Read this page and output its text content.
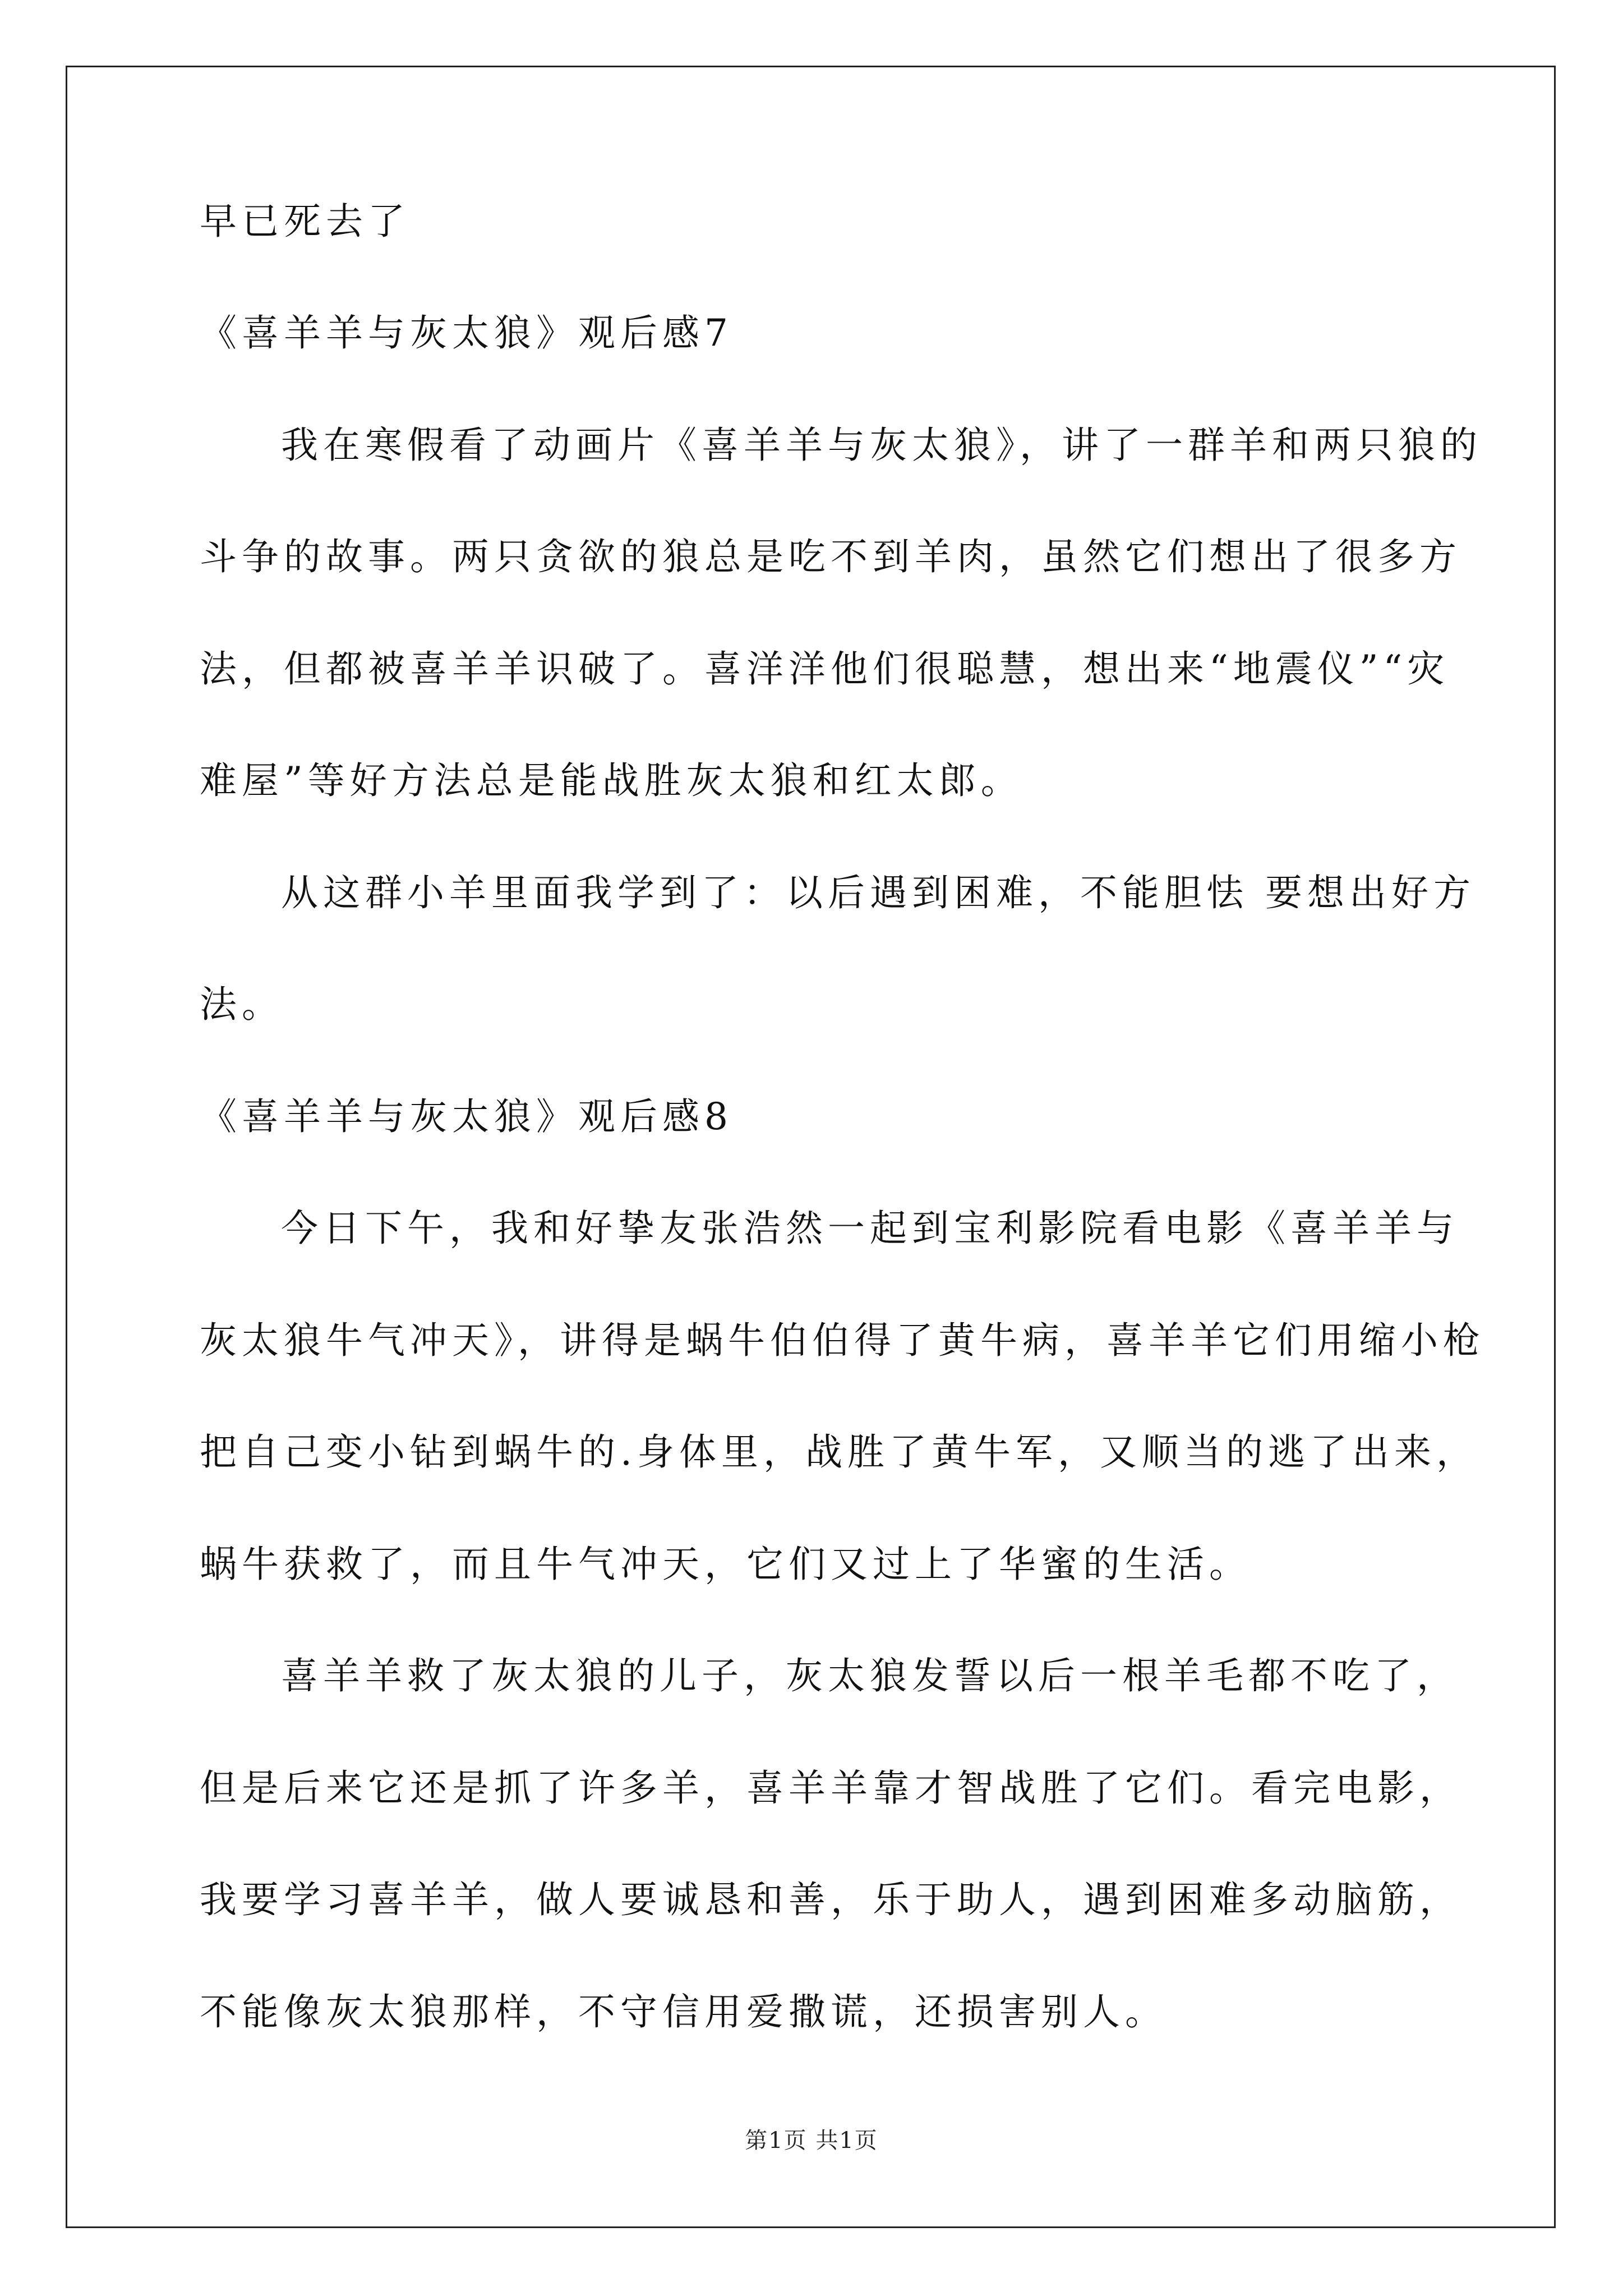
早已死去了
《喜羊羊与灰太狼》观后感7
我在寒假看了动画片《喜羊羊与灰太狼》，讲了一群羊和两只狼的
斗争的故事。两只贪欲的狼总是吃不到羊肉，虽然它们想出了很多方
法，但都被喜羊羊识破了。喜洋洋他们很聪慧，想出来“地震仪”“灾
难屋”等好方法总是能战胜灰太狼和红太郎。
从这群小羊里面我学到了：以后遇到困难，不能胆怯 要想出好方
法。
《喜羊羊与灰太狼》观后感8
今日下午，我和好挚友张浩然一起到宝利影院看电影《喜羊羊与
灰太狼牛气冲天》，讲得是蜗牛伯伯得了黄牛病，喜羊羊它们用缩小枪
把自己变小钻到蜗牛的.身体里，战胜了黄牛军，又顺当的逃了出来，
蜗牛获救了，而且牛气冲天，它们又过上了华蜜的生活。
喜羊羊救了灰太狼的儿子，灰太狼发誓以后一根羊毛都不吃了，
但是后来它还是抓了许多羊，喜羊羊靠才智战胜了它们。看完电影，
我要学习喜羊羊，做人要诚恳和善，乐于助人，遇到困难多动脑筋，
不能像灰太狼那样，不守信用爱撒谎，还损害别人。
第1页 共1页
